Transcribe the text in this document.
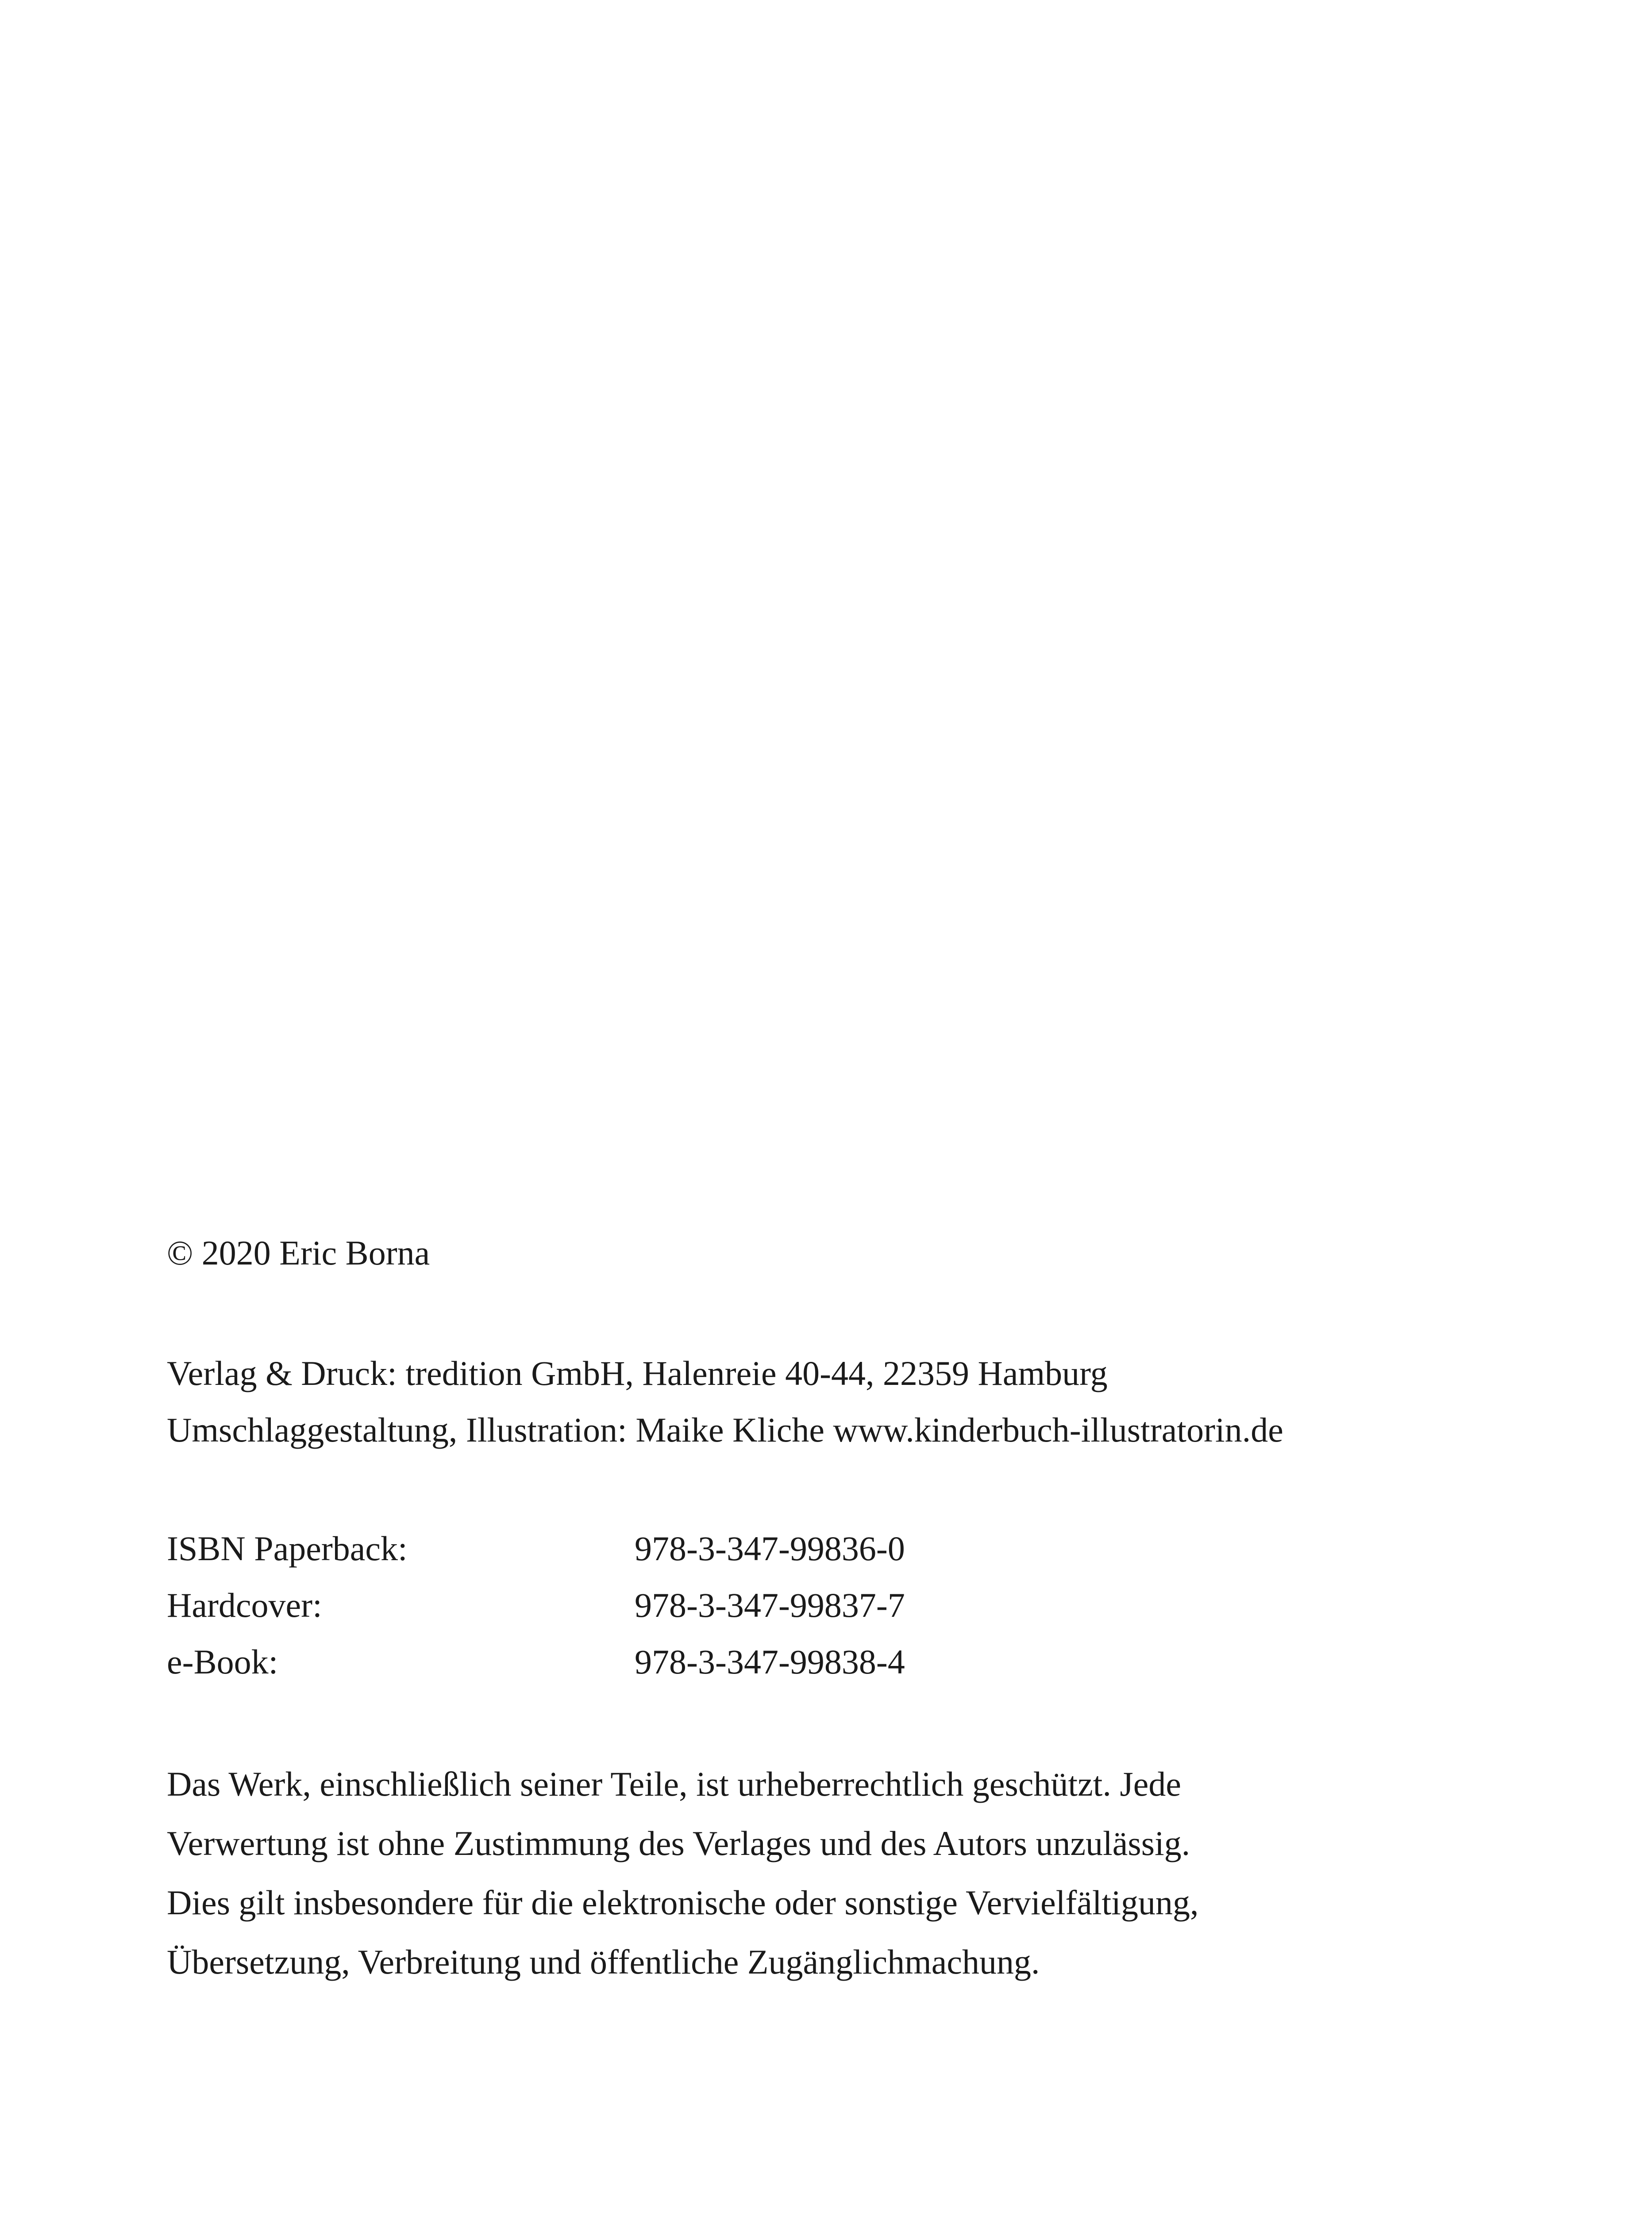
© 2020 Eric Borna
Verlag & Druck: tredition GmbH, Halenreie 40-44, 22359 Hamburg
Umschlaggestaltung, Illustration: Maike Kliche www.kinderbuch-illustratorin.de
ISBN Paperback:	978-3-347-99836-0
Hardcover:	978-3-347-99837-7
e-Book:	978-3-347-99838-4
Das Werk, einschließlich seiner Teile, ist urheberrechtlich geschützt. Jede
Verwertung ist ohne Zustimmung des Verlages und des Autors unzulässig.
Dies gilt insbesondere für die elektronische oder sonstige Vervielfältigung,
Übersetzung, Verbreitung und öffentliche Zugänglichmachung.
